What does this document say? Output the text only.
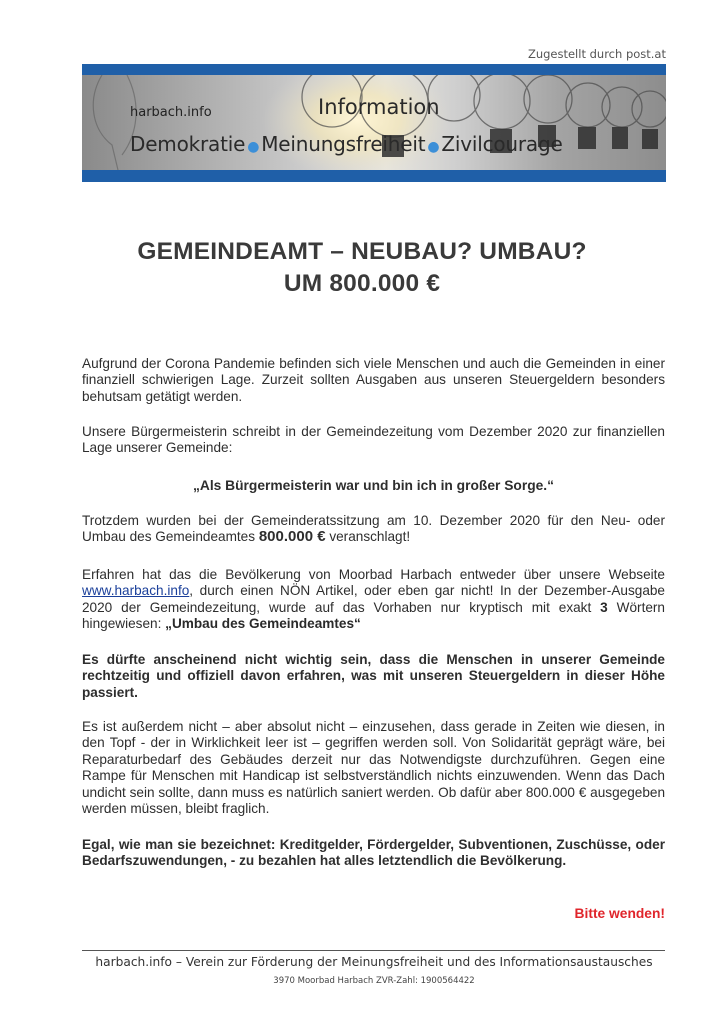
Zugestellt durch post.at
harbach.info	Information
Demokratie ● Meinungsfreiheit ● Zivilcourage
GEMEINDEAMT – NEUBAU? UMBAU?
UM 800.000 €
Aufgrund der Corona Pandemie befinden sich viele Menschen und auch die Gemeinden in einer finanziell schwierigen Lage. Zurzeit sollten Ausgaben aus unseren Steuergeldern besonders behutsam getätigt werden.
Unsere Bürgermeisterin schreibt in der Gemeindezeitung vom Dezember 2020 zur finanziellen Lage unserer Gemeinde:
„Als Bürgermeisterin war und bin ich in großer Sorge.“
Trotzdem wurden bei der Gemeinderatssitzung am 10. Dezember 2020 für den Neu- oder Umbau des Gemeindeamtes 800.000 € veranschlagt!
Erfahren hat das die Bevölkerung von Moorbad Harbach entweder über unsere Webseite www.harbach.info, durch einen NÖN Artikel, oder eben gar nicht! In der Dezember-Ausgabe 2020 der Gemeindezeitung, wurde auf das Vorhaben nur kryptisch mit exakt 3 Wörtern hingewiesen: „Umbau des Gemeindeamtes“
Es dürfte anscheinend nicht wichtig sein, dass die Menschen in unserer Gemeinde rechtzeitig und offiziell davon erfahren, was mit unseren Steuergeldern in dieser Höhe passiert.
Es ist außerdem nicht – aber absolut nicht – einzusehen, dass gerade in Zeiten wie diesen, in den Topf - der in Wirklichkeit leer ist – gegriffen werden soll. Von Solidarität geprägt wäre, bei Reparaturbedarf des Gebäudes derzeit nur das Notwendigste durchzuführen. Gegen eine Rampe für Menschen mit Handicap ist selbstverständlich nichts einzuwenden. Wenn das Dach undicht sein sollte, dann muss es natürlich saniert werden. Ob dafür aber 800.000 € ausgegeben werden müssen, bleibt fraglich.
Egal, wie man sie bezeichnet: Kreditgelder, Fördergelder, Subventionen, Zuschüsse, oder Bedarfszuwendungen, - zu bezahlen hat alles letztendlich die Bevölkerung.
Bitte wenden!
harbach.info – Verein zur Förderung der Meinungsfreiheit und des Informationsaustausches
3970 Moorbad Harbach ZVR-Zahl: 1900564422
